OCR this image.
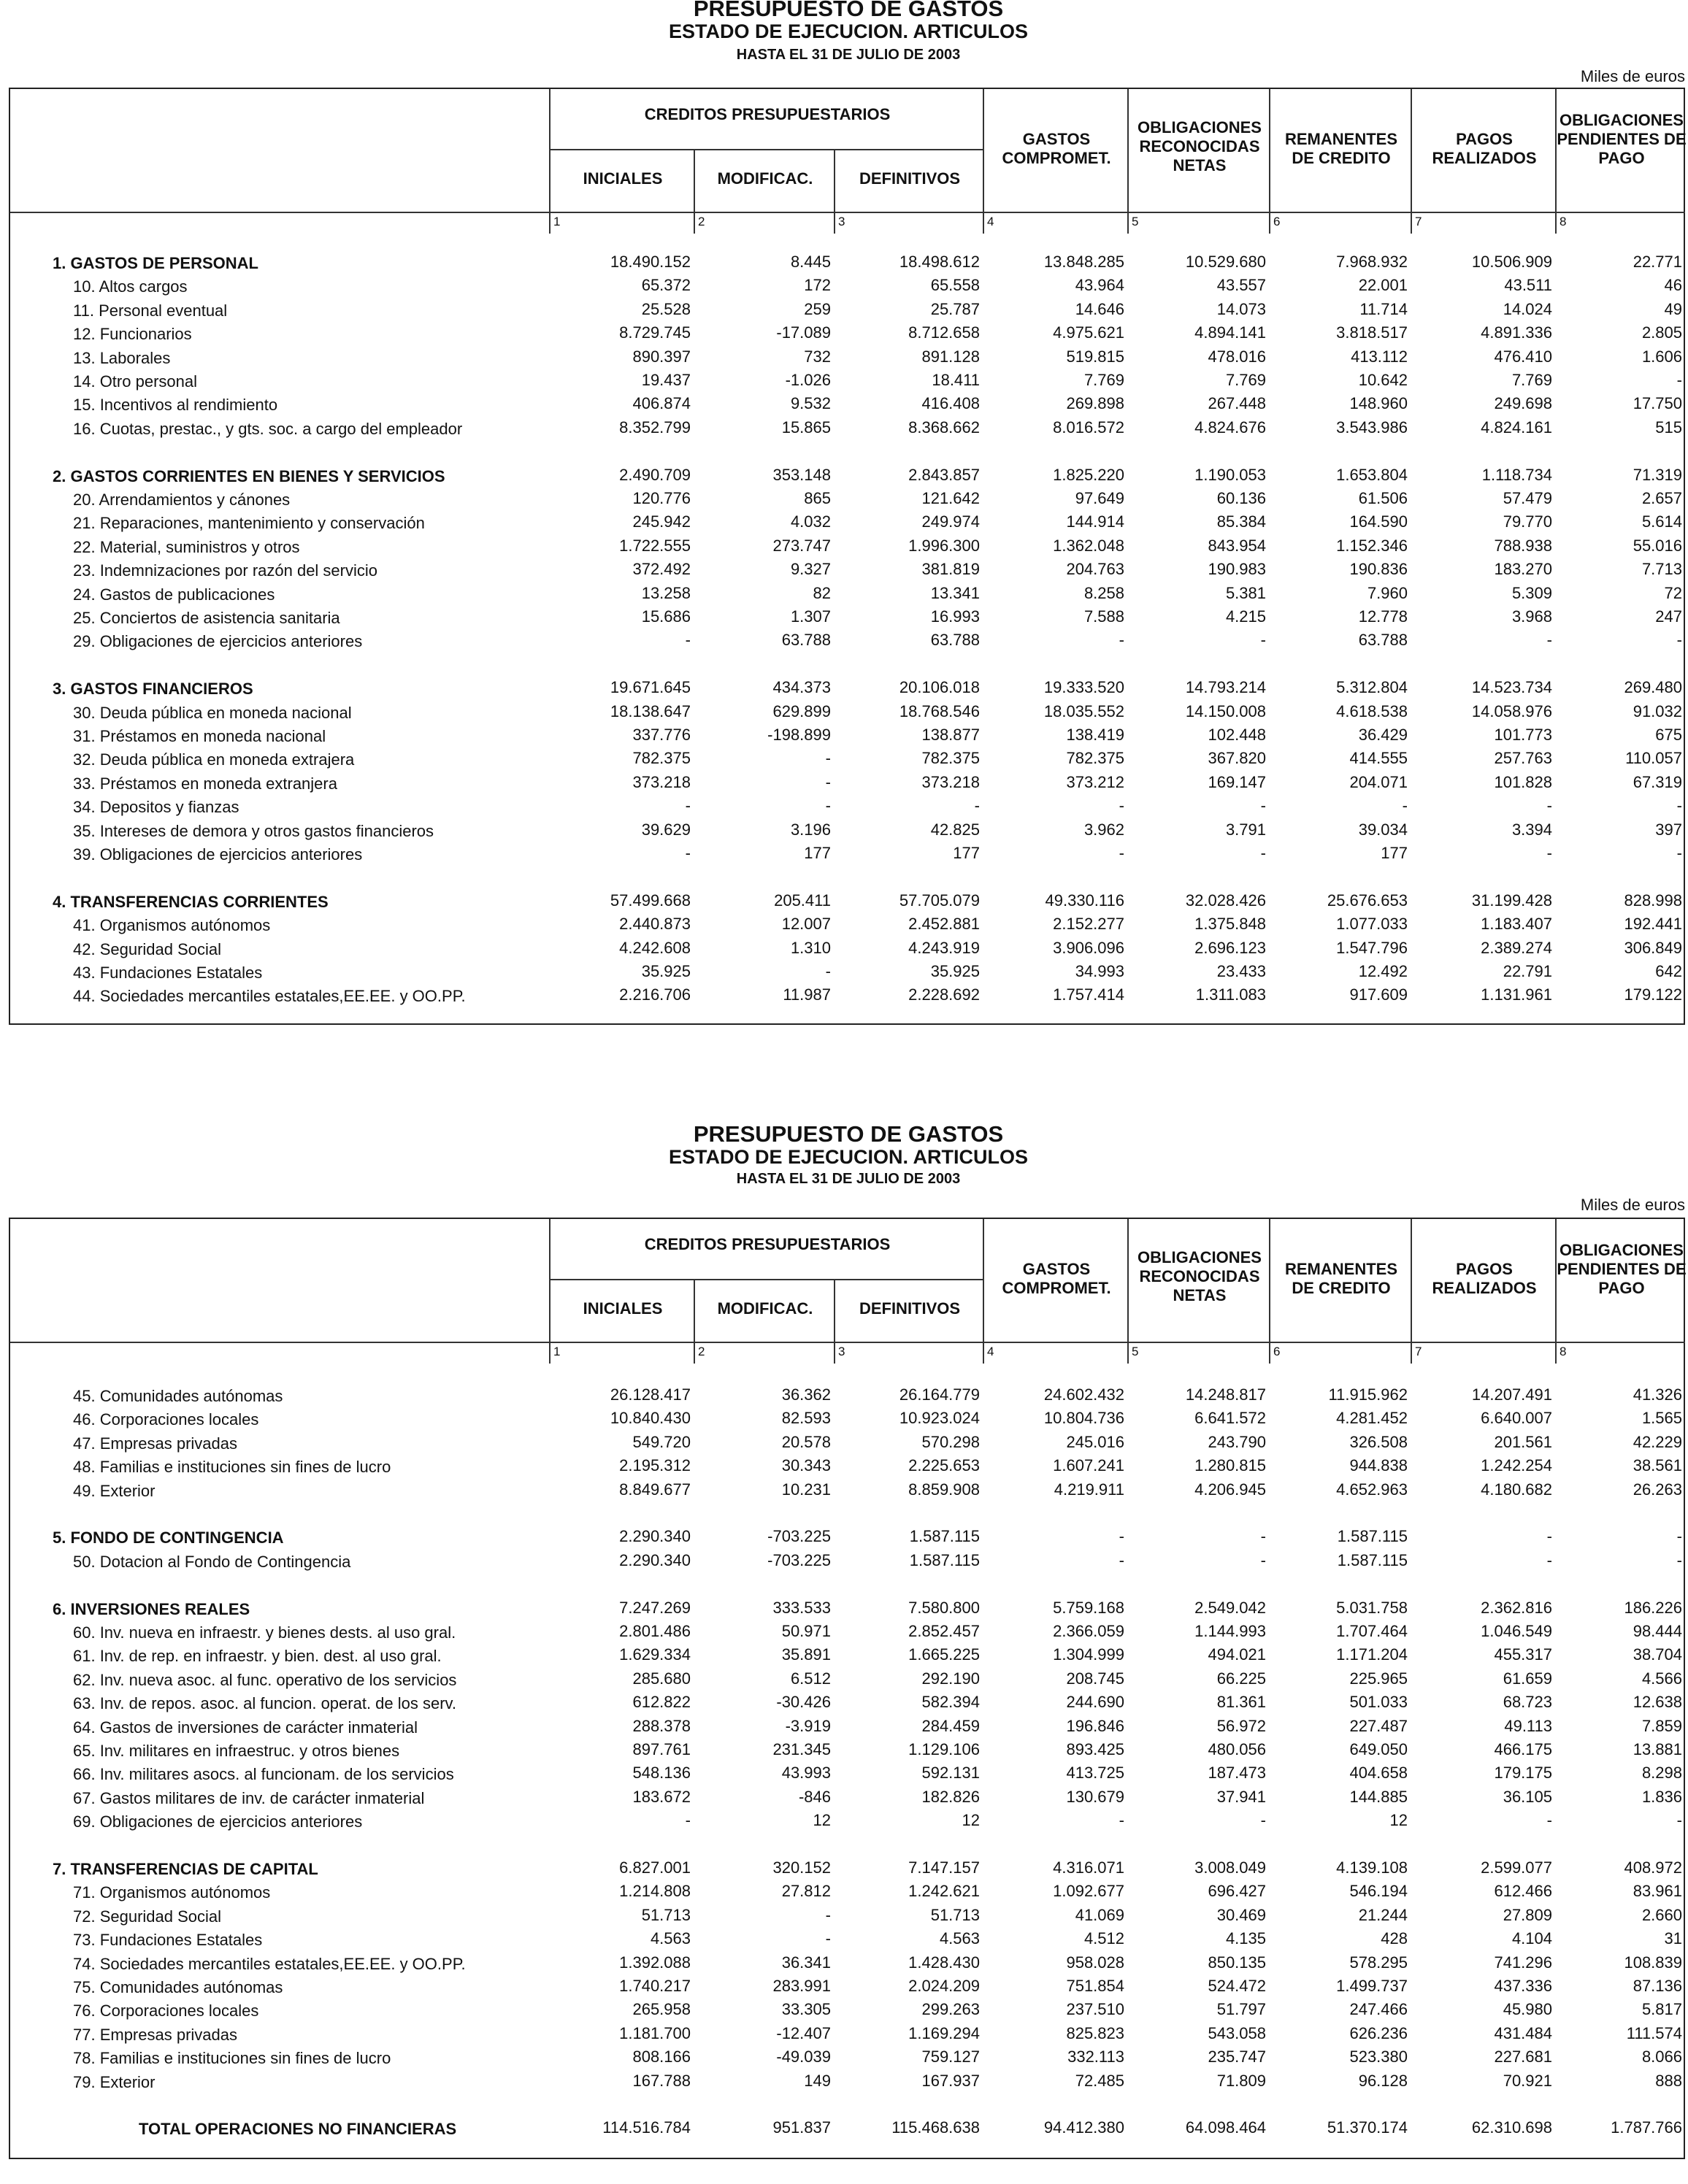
PRESUPUESTO DE GASTOS
ESTADO DE EJECUCION. ARTICULOS
HASTA EL 31 DE JULIO DE 2003
Miles de euros
CREDITOS PRESUPUESTARIOS
INICIALES	MODIFICAC.	DEFINITIVOS
GASTOS
COMPROMET.
OBLIGACIONES
RECONOCIDAS
NETAS
REMANENTES
DE CREDITO
PAGOS
REALIZADOS
OBLIGACIONES
PENDIENTES DE
PAGO
1	2	3	4	5	6	7	8
1. GASTOS DE PERSONAL	18.490.152	8.445	18.498.612	13.848.285	10.529.680	7.968.932	10.506.909	22.771
10. Altos cargos	65.372	172	65.558	43.964	43.557	22.001	43.511	46
11. Personal eventual	25.528	259	25.787	14.646	14.073	11.714	14.024	49
12. Funcionarios	8.729.745	-17.089	8.712.658	4.975.621	4.894.141	3.818.517	4.891.336	2.805
13. Laborales	890.397	732	891.128	519.815	478.016	413.112	476.410	1.606
14. Otro personal	19.437	-1.026	18.411	7.769	7.769	10.642	7.769	-
15. Incentivos al rendimiento	406.874	9.532	416.408	269.898	267.448	148.960	249.698	17.750
16. Cuotas, prestac., y gts. soc. a cargo del empleador	8.352.799	15.865	8.368.662	8.016.572	4.824.676	3.543.986	4.824.161	515
2. GASTOS CORRIENTES EN BIENES Y SERVICIOS	2.490.709	353.148	2.843.857	1.825.220	1.190.053	1.653.804	1.118.734	71.319
20. Arrendamientos y cánones	120.776	865	121.642	97.649	60.136	61.506	57.479	2.657
21. Reparaciones, mantenimiento y conservación	245.942	4.032	249.974	144.914	85.384	164.590	79.770	5.614
22. Material, suministros y otros	1.722.555	273.747	1.996.300	1.362.048	843.954	1.152.346	788.938	55.016
23. Indemnizaciones por razón del servicio	372.492	9.327	381.819	204.763	190.983	190.836	183.270	7.713
24. Gastos de publicaciones	13.258	82	13.341	8.258	5.381	7.960	5.309	72
25. Conciertos de asistencia sanitaria	15.686	1.307	16.993	7.588	4.215	12.778	3.968	247
29. Obligaciones de ejercicios anteriores	-	63.788	63.788	-	-	63.788	-	-
3. GASTOS FINANCIEROS	19.671.645	434.373	20.106.018	19.333.520	14.793.214	5.312.804	14.523.734	269.480
30. Deuda pública en moneda nacional	18.138.647	629.899	18.768.546	18.035.552	14.150.008	4.618.538	14.058.976	91.032
31. Préstamos en moneda nacional	337.776	-198.899	138.877	138.419	102.448	36.429	101.773	675
32. Deuda pública en moneda extrajera	782.375	-	782.375	782.375	367.820	414.555	257.763	110.057
33. Préstamos en moneda extranjera	373.218	-	373.218	373.212	169.147	204.071	101.828	67.319
34. Depositos y fianzas	-	-	-	-	-	-	-	-
35. Intereses de demora y otros gastos financieros	39.629	3.196	42.825	3.962	3.791	39.034	3.394	397
39. Obligaciones de ejercicios anteriores	-	177	177	-	-	177	-	-
4. TRANSFERENCIAS CORRIENTES	57.499.668	205.411	57.705.079	49.330.116	32.028.426	25.676.653	31.199.428	828.998
41. Organismos autónomos	2.440.873	12.007	2.452.881	2.152.277	1.375.848	1.077.033	1.183.407	192.441
42. Seguridad Social	4.242.608	1.310	4.243.919	3.906.096	2.696.123	1.547.796	2.389.274	306.849
43. Fundaciones Estatales	35.925	-	35.925	34.993	23.433	12.492	22.791	642
44. Sociedades mercantiles estatales,EE.EE. y OO.PP.	2.216.706	11.987	2.228.692	1.757.414	1.311.083	917.609	1.131.961	179.122
PRESUPUESTO DE GASTOS
ESTADO DE EJECUCION. ARTICULOS
HASTA EL 31 DE JULIO DE 2003
Miles de euros
CREDITOS PRESUPUESTARIOS
INICIALES	MODIFICAC.	DEFINITIVOS
GASTOS
COMPROMET.
OBLIGACIONES
RECONOCIDAS
NETAS
REMANENTES
DE CREDITO
PAGOS
REALIZADOS
OBLIGACIONES
PENDIENTES DE
PAGO
1	2	3	4	5	6	7	8
45. Comunidades autónomas	26.128.417	36.362	26.164.779	24.602.432	14.248.817	11.915.962	14.207.491	41.326
46. Corporaciones locales	10.840.430	82.593	10.923.024	10.804.736	6.641.572	4.281.452	6.640.007	1.565
47. Empresas privadas	549.720	20.578	570.298	245.016	243.790	326.508	201.561	42.229
48. Familias e instituciones sin fines de lucro	2.195.312	30.343	2.225.653	1.607.241	1.280.815	944.838	1.242.254	38.561
49. Exterior	8.849.677	10.231	8.859.908	4.219.911	4.206.945	4.652.963	4.180.682	26.263
5. FONDO DE CONTINGENCIA	2.290.340	-703.225	1.587.115	-	-	1.587.115	-	-
50. Dotacion al Fondo de Contingencia	2.290.340	-703.225	1.587.115	-	-	1.587.115	-	-
6. INVERSIONES REALES	7.247.269	333.533	7.580.800	5.759.168	2.549.042	5.031.758	2.362.816	186.226
60. Inv. nueva en infraestr. y bienes dests. al uso gral.	2.801.486	50.971	2.852.457	2.366.059	1.144.993	1.707.464	1.046.549	98.444
61. Inv. de rep. en infraestr. y bien. dest. al uso gral.	1.629.334	35.891	1.665.225	1.304.999	494.021	1.171.204	455.317	38.704
62. Inv. nueva asoc. al func. operativo de los servicios	285.680	6.512	292.190	208.745	66.225	225.965	61.659	4.566
63. Inv. de repos. asoc. al funcion. operat. de los serv.	612.822	-30.426	582.394	244.690	81.361	501.033	68.723	12.638
64. Gastos de inversiones de carácter inmaterial	288.378	-3.919	284.459	196.846	56.972	227.487	49.113	7.859
65. Inv. militares en infraestruc. y otros bienes	897.761	231.345	1.129.106	893.425	480.056	649.050	466.175	13.881
66. Inv. militares asocs. al funcionam. de los servicios	548.136	43.993	592.131	413.725	187.473	404.658	179.175	8.298
67. Gastos militares de inv. de carácter inmaterial	183.672	-846	182.826	130.679	37.941	144.885	36.105	1.836
69. Obligaciones de ejercicios anteriores	-	12	12	-	-	12	-	-
7. TRANSFERENCIAS DE CAPITAL	6.827.001	320.152	7.147.157	4.316.071	3.008.049	4.139.108	2.599.077	408.972
71. Organismos autónomos	1.214.808	27.812	1.242.621	1.092.677	696.427	546.194	612.466	83.961
72. Seguridad Social	51.713	-	51.713	41.069	30.469	21.244	27.809	2.660
73. Fundaciones Estatales	4.563	-	4.563	4.512	4.135	428	4.104	31
74. Sociedades mercantiles estatales,EE.EE. y OO.PP.	1.392.088	36.341	1.428.430	958.028	850.135	578.295	741.296	108.839
75. Comunidades autónomas	1.740.217	283.991	2.024.209	751.854	524.472	1.499.737	437.336	87.136
76. Corporaciones locales	265.958	33.305	299.263	237.510	51.797	247.466	45.980	5.817
77. Empresas privadas	1.181.700	-12.407	1.169.294	825.823	543.058	626.236	431.484	111.574
78. Familias e instituciones sin fines de lucro	808.166	-49.039	759.127	332.113	235.747	523.380	227.681	8.066
79. Exterior	167.788	149	167.937	72.485	71.809	96.128	70.921	888
TOTAL OPERACIONES NO FINANCIERAS	114.516.784	951.837	115.468.638	94.412.380	64.098.464	51.370.174	62.310.698	1.787.766
